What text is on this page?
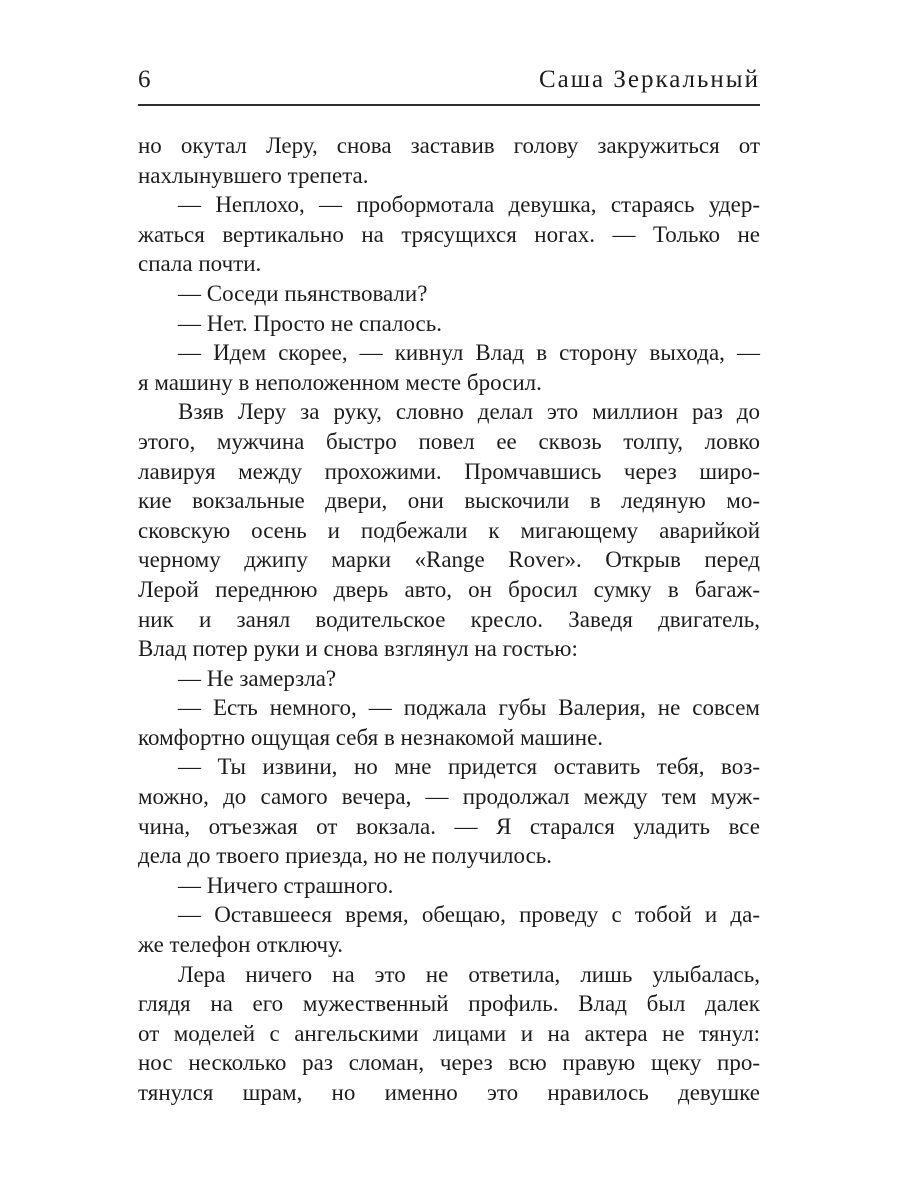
6	Саша Зеркальный
но окутал Леру, снова заставив голову закружиться от
нахлынувшего трепета.
— Неплохо, — пробормотала девушка, стараясь удер-
жаться вертикально на трясущихся ногах. — Только не
спала почти.
— Соседи пьянствовали?
— Нет. Просто не спалось.
— Идем скорее, — кивнул Влад в сторону выхода, —
я машину в неположенном месте бросил.
Взяв Леру за руку, словно делал это миллион раз до
этого, мужчина быстро повел ее сквозь толпу, ловко
лавируя между прохожими. Промчавшись через широ-
кие вокзальные двери, они выскочили в ледяную мо-
сковскую осень и подбежали к мигающему аварийкой
черному джипу марки «Range Rover». Открыв перед
Лерой переднюю дверь авто, он бросил сумку в багаж-
ник и занял водительское кресло. Заведя двигатель,
Влад потер руки и снова взглянул на гостью:
— Не замерзла?
— Есть немного, — поджала губы Валерия, не совсем
комфортно ощущая себя в незнакомой машине.
— Ты извини, но мне придется оставить тебя, воз-
можно, до самого вечера, — продолжал между тем муж-
чина, отъезжая от вокзала. — Я старался уладить все
дела до твоего приезда, но не получилось.
— Ничего страшного.
— Оставшееся время, обещаю, проведу с тобой и да-
же телефон отключу.
Лера ничего на это не ответила, лишь улыбалась,
глядя на его мужественный профиль. Влад был далек
от моделей с ангельскими лицами и на актера не тянул:
нос несколько раз сломан, через всю правую щеку про-
тянулся шрам, но именно это нравилось девушке
